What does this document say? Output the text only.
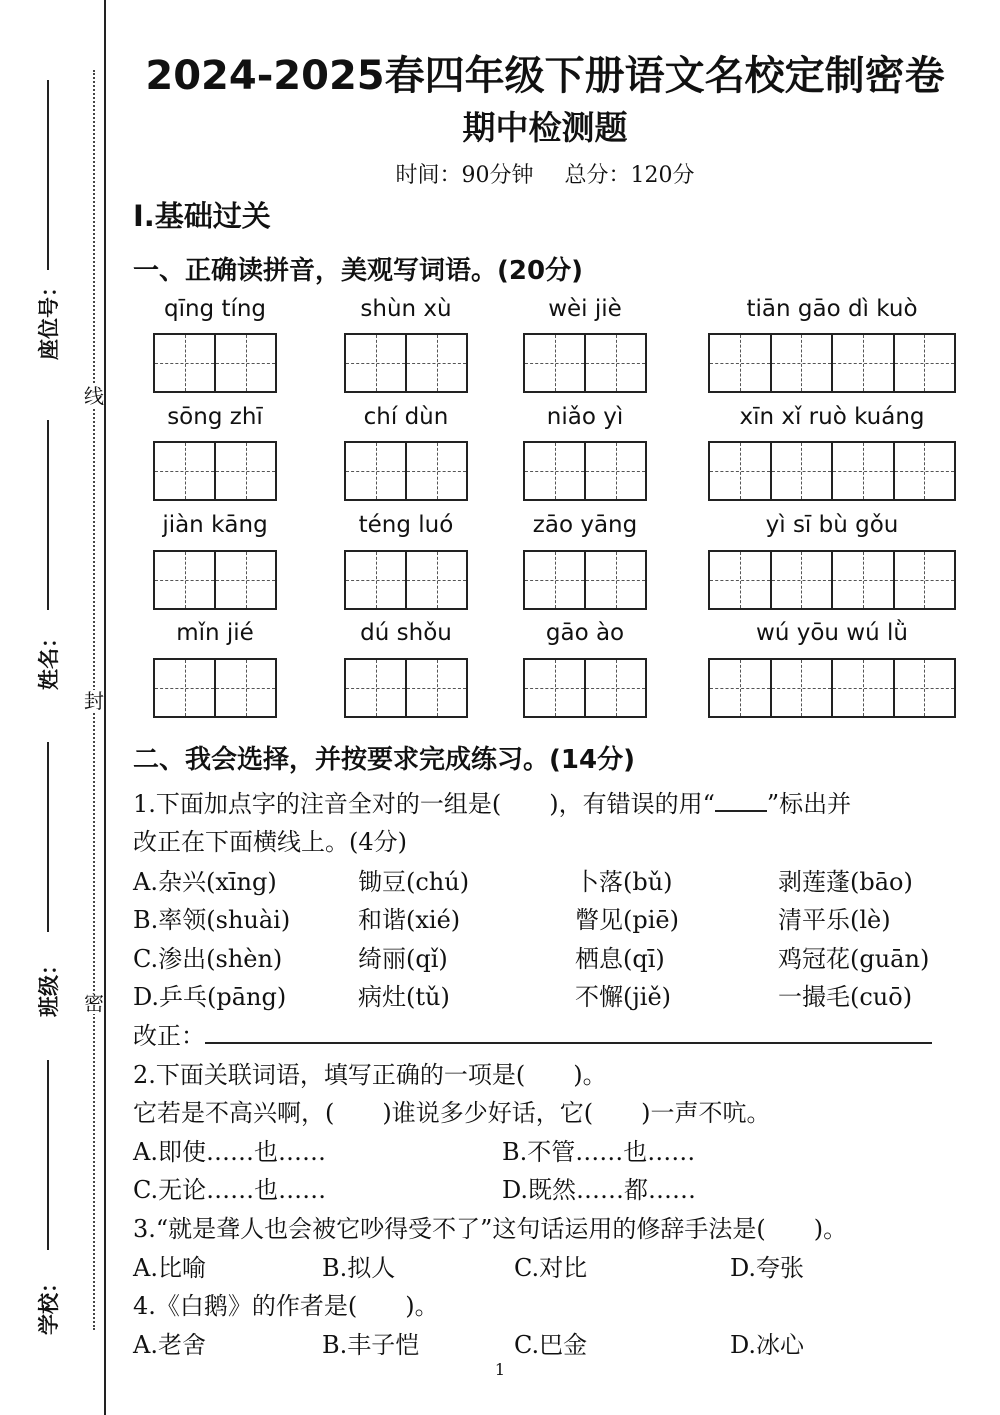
线
封
密
座位号：
姓名：
班级：
学校：
2024-2025春四年级下册语文名校定制密卷
期中检测题
时间：90分钟 总分：120分
I.基础过关
一、正确读拼音，美观写词语。(20分)
qīng tíng	shùn xù	wèi jiè	tiān gāo dì kuò
sōng zhī	chí dùn	niǎo yì	xīn xǐ ruò kuáng
jiàn kāng	téng luó	zāo yāng	yì sī bù gǒu
mǐn jié	dú shǒu	gāo ào	wú yōu wú lǜ
二、我会选择，并按要求完成练习。(14分)
1.下面加点字的注音全对的一组是(　　)，有错误的用“ ”标出并
改正在下面横线上。(4分)
A.杂兴(xīng)	锄豆(chú)	卜落(bǔ)	剥莲蓬(bāo)
B.率领(shuài)	和谐(xié)	瞥见(piē)	清平乐(lè)
C.渗出(shèn)	绮丽(qǐ)	栖息(qī)	鸡冠花(guān)
D.乒乓(pāng)	病灶(tǔ)	不懈(jiě)	一撮毛(cuō)
改正：
2.下面关联词语，填写正确的一项是(　　)。
它若是不高兴啊，(　　)谁说多少好话，它(　　)一声不吭。
A.即使……也……	B.不管……也……
C.无论……也……	D.既然……都……
3.“就是聋人也会被它吵得受不了”这句话运用的修辞手法是(　　)。
A.比喻	B.拟人	C.对比	D.夸张
4.《白鹅》的作者是(　　)。
A.老舍	B.丰子恺	C.巴金	D.冰心
1
